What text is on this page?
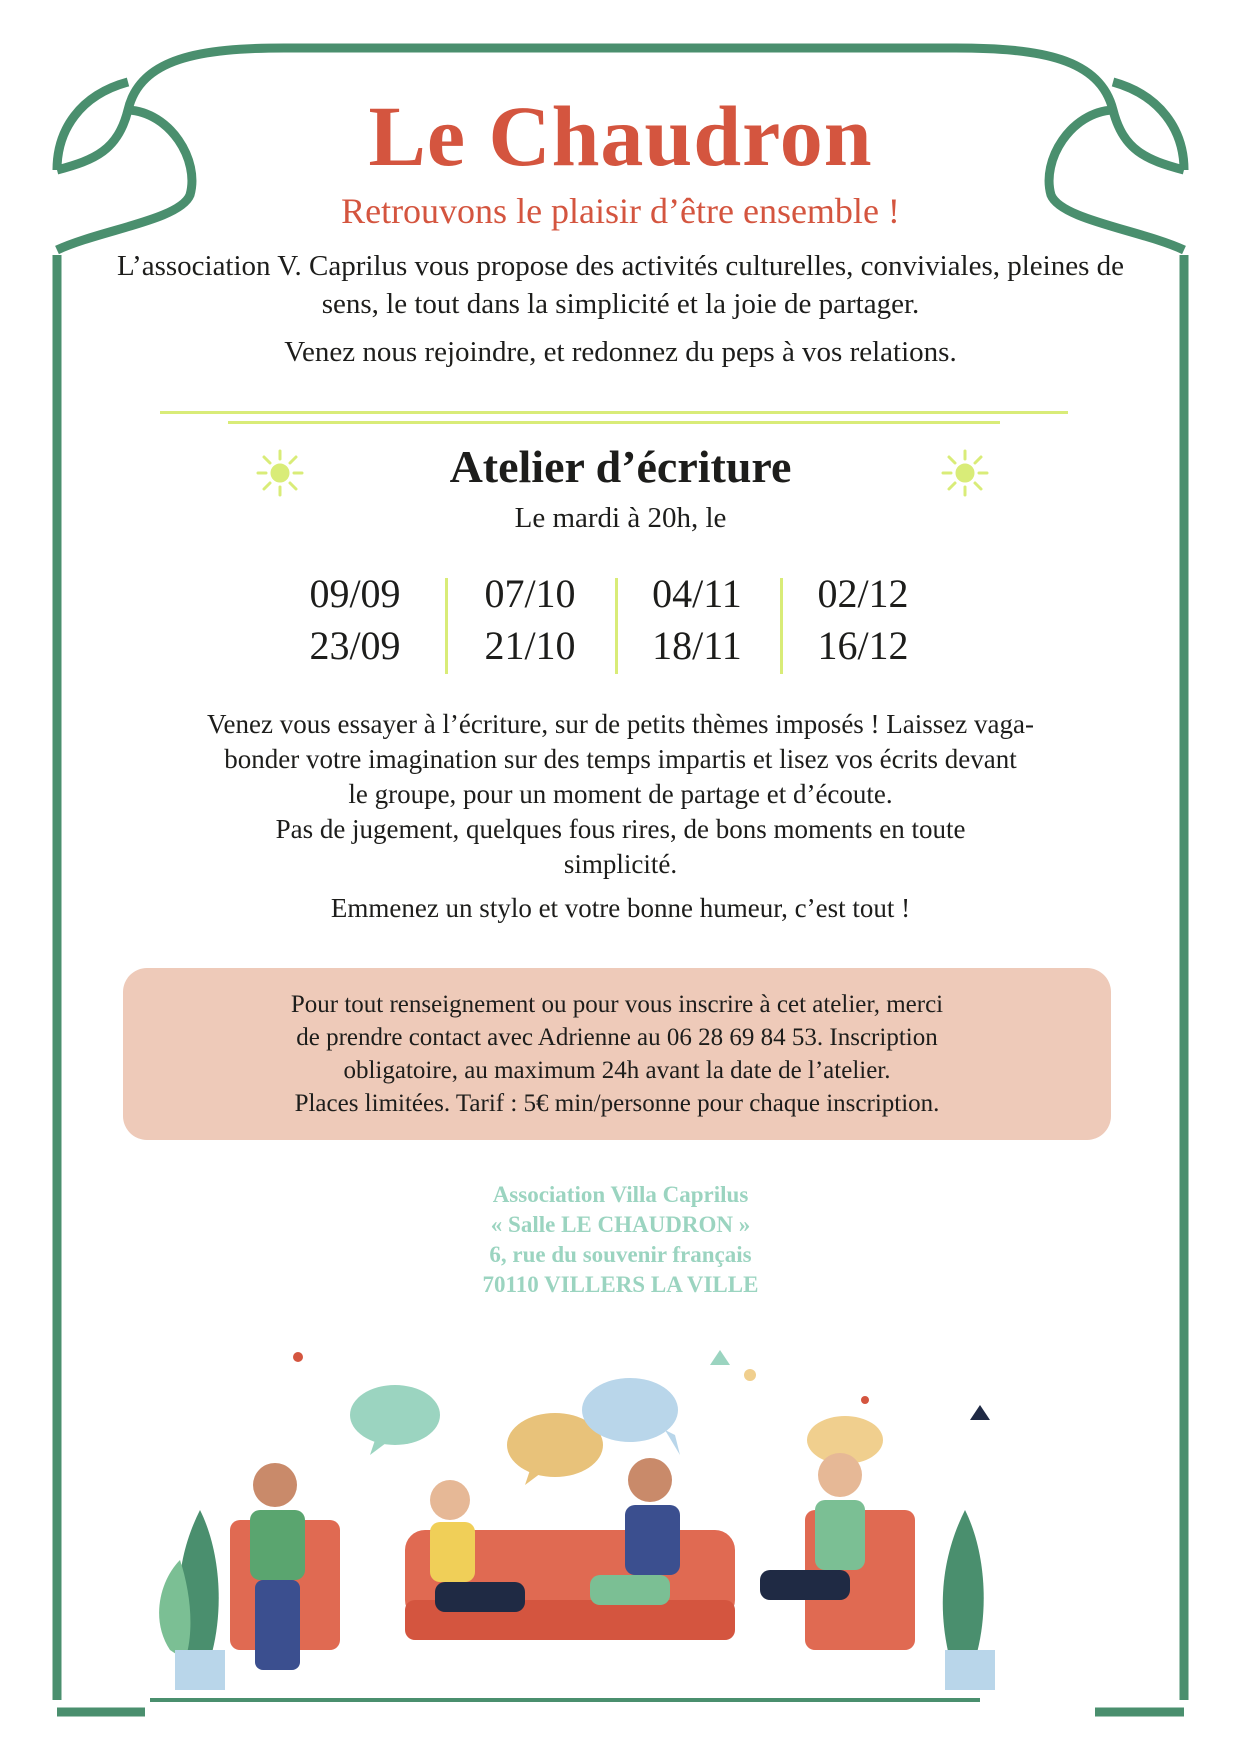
Le Chaudron

Retrouvons le plaisir d’être ensemble !

L’association V. Caprilus vous propose des activités culturelles, conviviales, pleines de sens, le tout dans la simplicité et la joie de partager.

Venez nous rejoindre, et redonnez du peps à vos relations.

Atelier d’écriture

Le mardi à 20h, le

09/09
23/09
07/10
21/10
04/11
18/11
02/12
16/12
Venez vous essayer à l’écriture, sur de petits thèmes imposés ! Laissez vaga-
bonder votre imagination sur des temps impartis et lisez vos écrits devant
le groupe, pour un moment de partage et d’écoute.
Pas de jugement, quelques fous rires, de bons moments en toute
simplicité.

Emmenez un stylo et votre bonne humeur, c’est tout !

Pour tout renseignement ou pour vous inscrire à cet atelier, merci
de prendre contact avec Adrienne au 06 28 69 84 53. Inscription
obligatoire, au maximum 24h avant la date de l’atelier.
Places limitées. Tarif : 5€ min/personne pour chaque inscription.

Association Villa Caprilus
« Salle LE CHAUDRON »
6, rue du souvenir français
70110 VILLERS LA VILLE
